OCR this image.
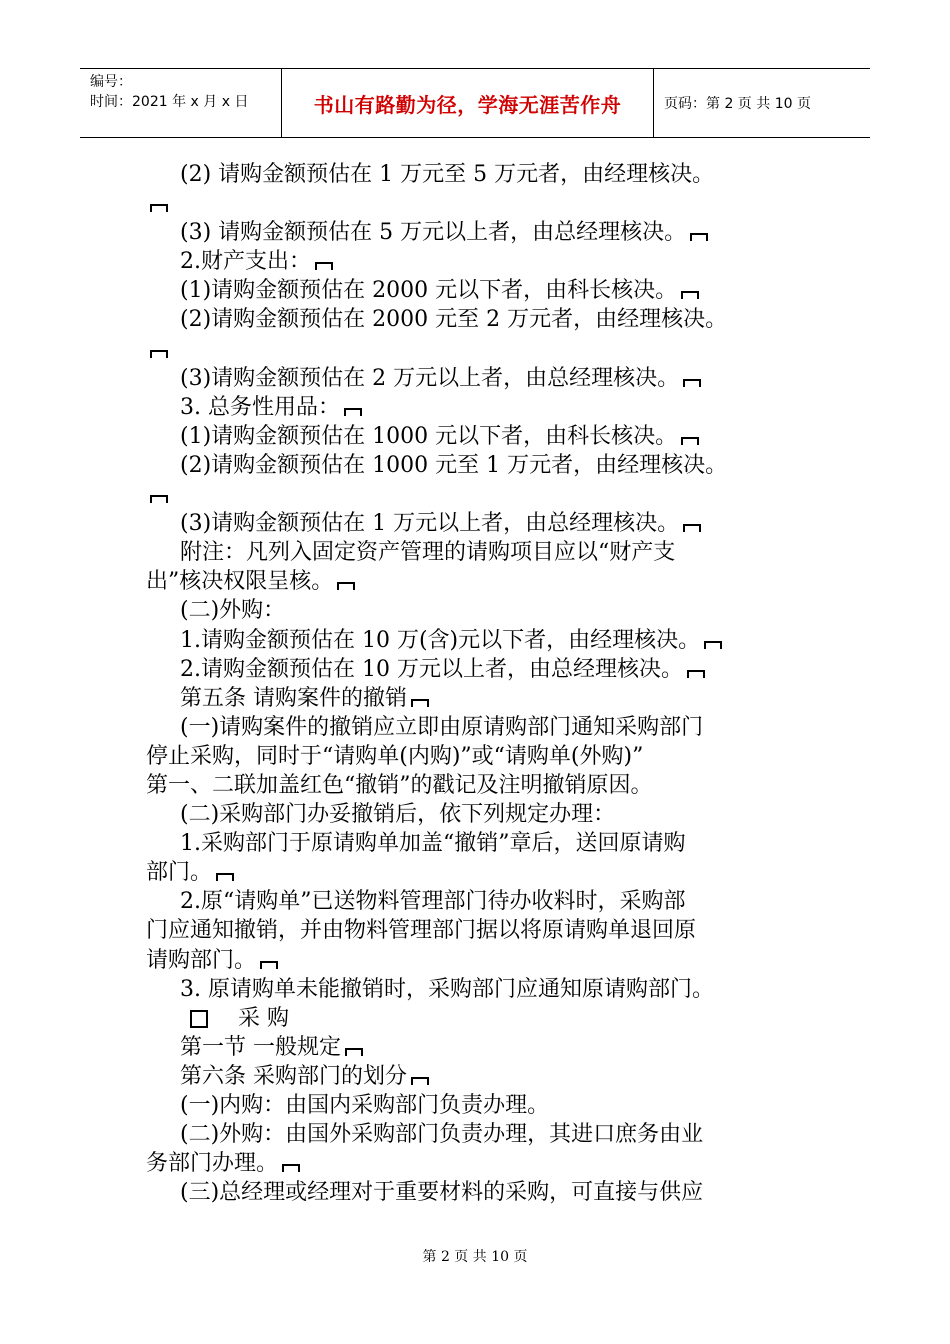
编号：
时间：2021 年 x 月 x 日	书山有路勤为径，学海无涯苦作舟	页码：第 2 页 共 10 页
(2) 请购金额预估在 1 万元至 5 万元者，由经理核决。
(3) 请购金额预估在 5 万元以上者，由总经理核决。
2.财产支出：
(1)请购金额预估在 2000 元以下者，由科长核决。
(2)请购金额预估在 2000 元至 2 万元者，由经理核决。
(3)请购金额预估在 2 万元以上者，由总经理核决。
3. 总务性用品：
(1)请购金额预估在 1000 元以下者，由科长核决。
(2)请购金额预估在 1000 元至 1 万元者，由经理核决。
(3)请购金额预估在 1 万元以上者，由总经理核决。
附注：凡列入固定资产管理的请购项目应以“财产支
出”核决权限呈核。
(二)外购：
1.请购金额预估在 10 万(含)元以下者，由经理核决。
2.请购金额预估在 10 万元以上者，由总经理核决。
第五条 请购案件的撤销
(一)请购案件的撤销应立即由原请购部门通知采购部门
停止采购，同时于“请购单(内购)”或“请购单(外购)”
第一、二联加盖红色“撤销”的戳记及注明撤销原因。
(二)采购部门办妥撤销后，依下列规定办理：
1.采购部门于原请购单加盖“撤销”章后，送回原请购
部门。
2.原“请购单”已送物料管理部门待办收料时，采购部
门应通知撤销，并由物料管理部门据以将原请购单退回原
请购部门。
3. 原请购单未能撤销时，采购部门应通知原请购部门。
采 购
第一节 一般规定
第六条 采购部门的划分
(一)内购：由国内采购部门负责办理。
(二)外购：由国外采购部门负责办理，其进口庶务由业
务部门办理。
(三)总经理或经理对于重要材料的采购，可直接与供应
第 2 页 共 10 页
